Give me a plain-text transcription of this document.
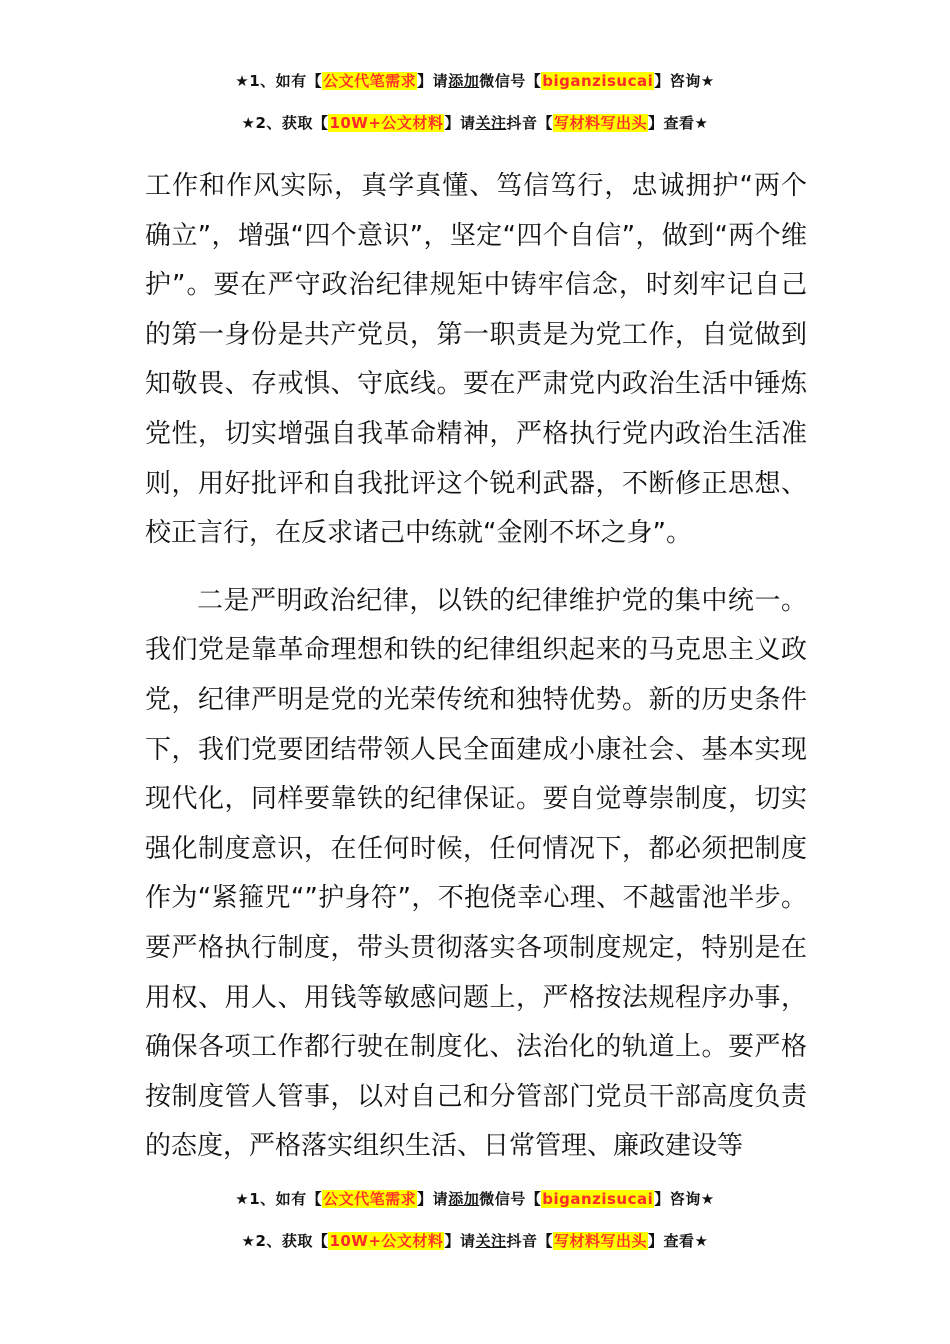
★1、如有【公文代笔需求】请添加微信号【biganzisucai】咨询★
★2、获取【10W+公文材料】请关注抖音【写材料写出头】查看★

工作和作风实际，真学真懂、笃信笃行，忠诚拥护“两个确立”，增强“四个意识”，坚定“四个自信”，做到“两个维护”。要在严守政治纪律规矩中铸牢信念，时刻牢记自己的第一身份是共产党员，第一职责是为党工作，自觉做到知敬畏、存戒惧、守底线。要在严肃党内政治生活中锤炼党性，切实增强自我革命精神，严格执行党内政治生活准则，用好批评和自我批评这个锐利武器，不断修正思想、校正言行，在反求诸己中练就“金刚不坏之身”。

二是严明政治纪律，以铁的纪律维护党的集中统一。我们党是靠革命理想和铁的纪律组织起来的马克思主义政党，纪律严明是党的光荣传统和独特优势。新的历史条件下，我们党要团结带领人民全面建成小康社会、基本实现现代化，同样要靠铁的纪律保证。要自觉尊崇制度，切实强化制度意识，在任何时候，任何情况下，都必须把制度作为“紧箍咒“”护身符”，不抱侥幸心理、不越雷池半步。要严格执行制度，带头贯彻落实各项制度规定，特别是在用权、用人、用钱等敏感问题上，严格按法规程序办事，确保各项工作都行驶在制度化、法治化的轨道上。要严格按制度管人管事，以对自己和分管部门党员干部高度负责的态度，严格落实组织生活、日常管理、廉政建设等

★1、如有【公文代笔需求】请添加微信号【biganzisucai】咨询★
★2、获取【10W+公文材料】请关注抖音【写材料写出头】查看★
